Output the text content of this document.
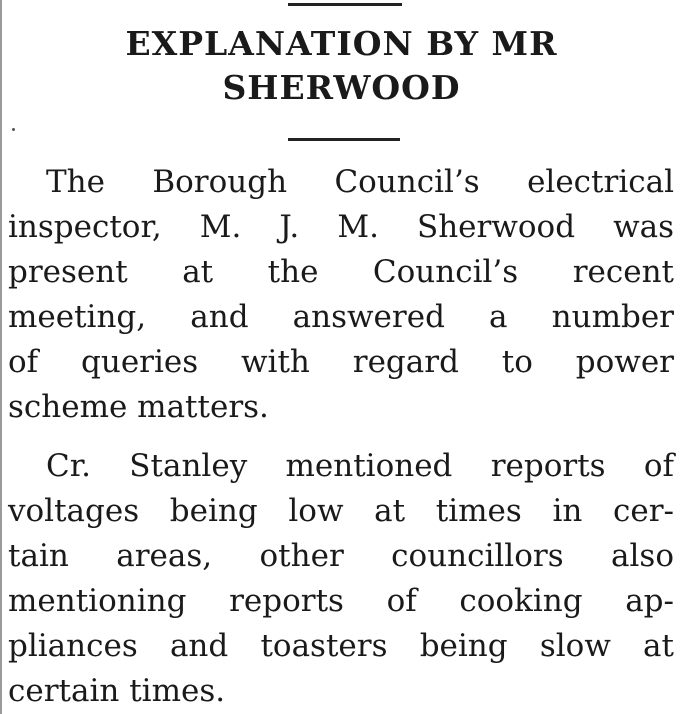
EXPLANATION BY MR
SHERWOOD
The Borough Council’s electrical
inspector, M. J. M. Sherwood was
present at the Council’s recent
meeting, and answered a number
of queries with regard to power
scheme matters.
Cr. Stanley mentioned reports of
voltages being low at times in cer-
tain areas, other councillors also
mentioning reports of cooking ap-
pliances and toasters being slow at
certain times.
